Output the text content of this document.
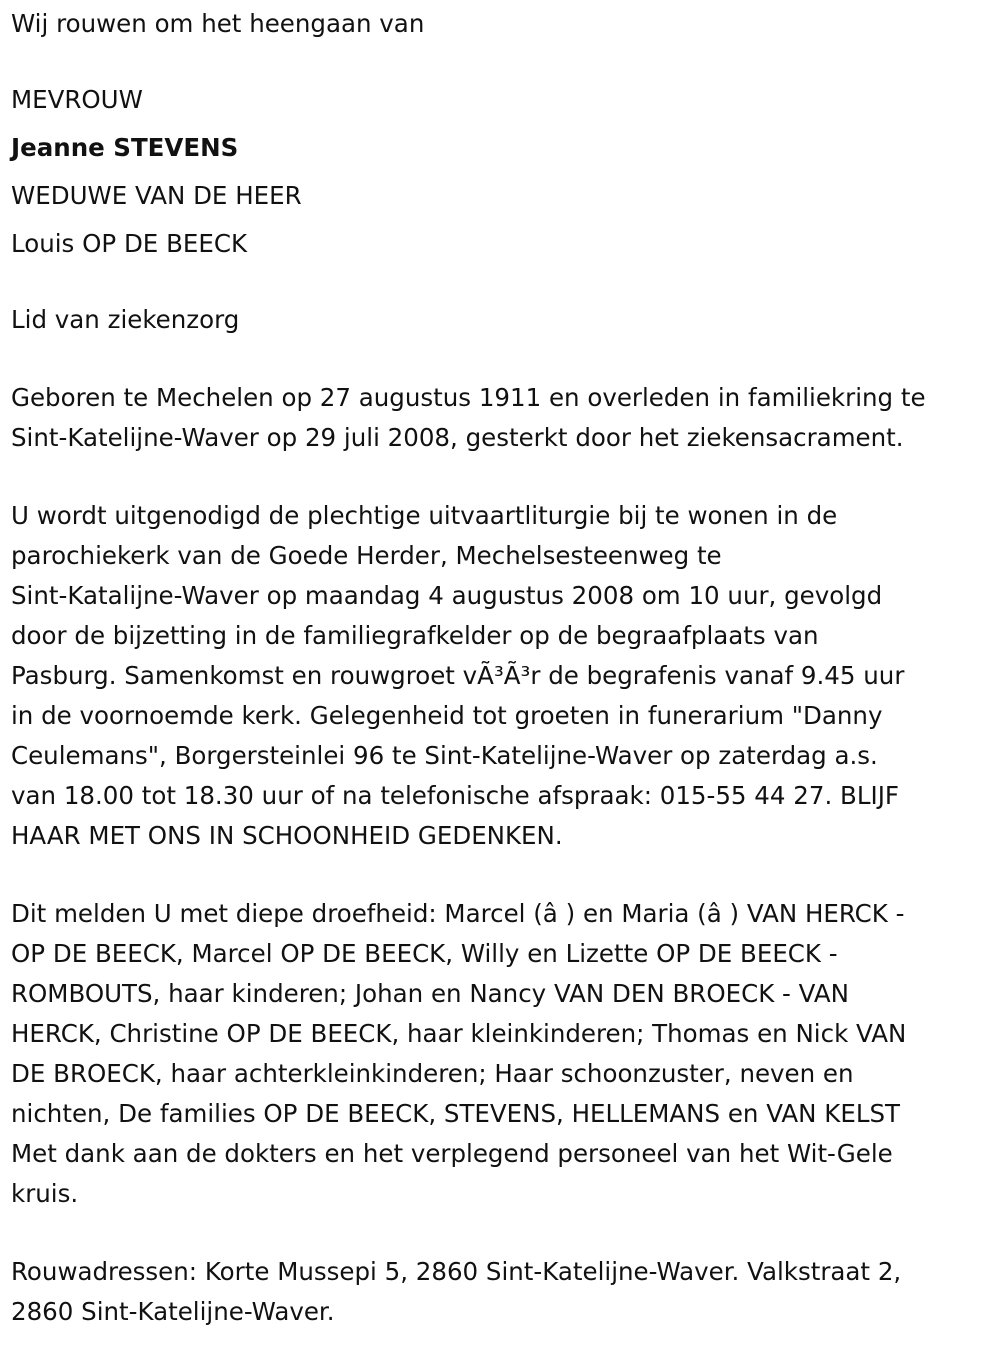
Wij rouwen om het heengaan van
MEVROUW
Jeanne STEVENS
WEDUWE VAN DE HEER
Louis OP DE BEECK
Lid van ziekenzorg
Geboren te Mechelen op 27 augustus 1911 en overleden in familiekring te
Sint-Katelijne-Waver op 29 juli 2008, gesterkt door het ziekensacrament.
U wordt uitgenodigd de plechtige uitvaartliturgie bij te wonen in de
parochiekerk van de Goede Herder, Mechelsesteenweg te
Sint-Katalijne-Waver op maandag 4 augustus 2008 om 10 uur, gevolgd
door de bijzetting in de familiegrafkelder op de begraafplaats van
Pasburg. Samenkomst en rouwgroet vÃ³Ã³r de begrafenis vanaf 9.45 uur
in de voornoemde kerk. Gelegenheid tot groeten in funerarium "Danny
Ceulemans", Borgersteinlei 96 te Sint-Katelijne-Waver op zaterdag a.s.
van 18.00 tot 18.30 uur of na telefonische afspraak: 015-55 44 27. BLIJF
HAAR MET ONS IN SCHOONHEID GEDENKEN.
Dit melden U met diepe droefheid: Marcel (â ) en Maria (â ) VAN HERCK -
OP DE BEECK, Marcel OP DE BEECK, Willy en Lizette OP DE BEECK -
ROMBOUTS, haar kinderen; Johan en Nancy VAN DEN BROECK - VAN
HERCK, Christine OP DE BEECK, haar kleinkinderen; Thomas en Nick VAN
DE BROECK, haar achterkleinkinderen; Haar schoonzuster, neven en
nichten, De families OP DE BEECK, STEVENS, HELLEMANS en VAN KELST
Met dank aan de dokters en het verplegend personeel van het Wit-Gele
kruis.
Rouwadressen: Korte Mussepi 5, 2860 Sint-Katelijne-Waver. Valkstraat 2,
2860 Sint-Katelijne-Waver.
